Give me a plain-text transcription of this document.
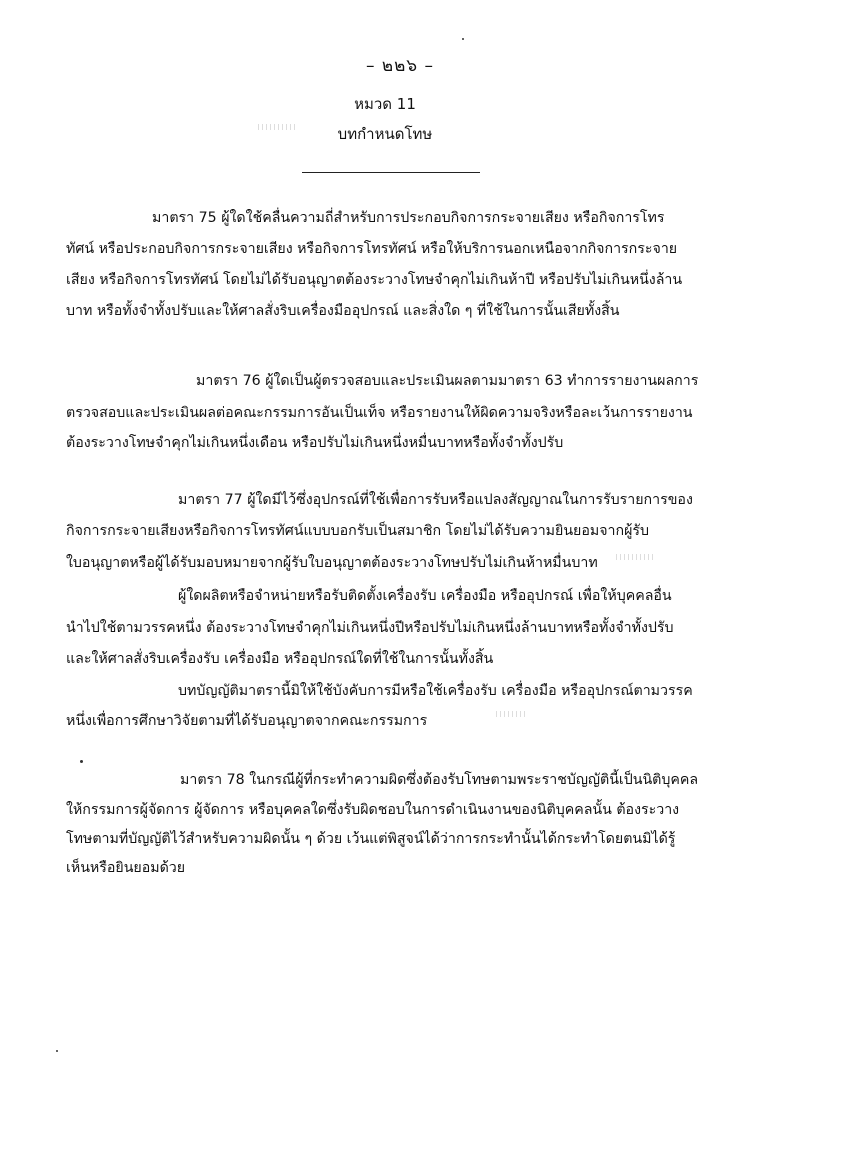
– ๒๒๖ –
หมวด 11
บทกำหนดโทษ
มาตรา 75 ผู้ใดใช้คลื่นความถี่สำหรับการประกอบกิจการกระจายเสียง หรือกิจการโทร
ทัศน์ หรือประกอบกิจการกระจายเสียง หรือกิจการโทรทัศน์ หรือให้บริการนอกเหนือจากกิจการกระจาย
เสียง หรือกิจการโทรทัศน์ โดยไม่ได้รับอนุญาตต้องระวางโทษจำคุกไม่เกินห้าปี หรือปรับไม่เกินหนึ่งล้าน
บาท หรือทั้งจำทั้งปรับและให้ศาลสั่งริบเครื่องมืออุปกรณ์ และสิ่งใด ๆ ที่ใช้ในการนั้นเสียทั้งสิ้น
มาตรา 76 ผู้ใดเป็นผู้ตรวจสอบและประเมินผลตามมาตรา 63 ทำการรายงานผลการ
ตรวจสอบและประเมินผลต่อคณะกรรมการอันเป็นเท็จ หรือรายงานให้ผิดความจริงหรือละเว้นการรายงาน
ต้องระวางโทษจำคุกไม่เกินหนึ่งเดือน หรือปรับไม่เกินหนึ่งหมื่นบาทหรือทั้งจำทั้งปรับ
มาตรา 77 ผู้ใดมีไว้ซึ่งอุปกรณ์ที่ใช้เพื่อการรับหรือแปลงสัญญาณในการรับรายการของ
กิจการกระจายเสียงหรือกิจการโทรทัศน์แบบบอกรับเป็นสมาชิก โดยไม่ได้รับความยินยอมจากผู้รับ
ใบอนุญาตหรือผู้ได้รับมอบหมายจากผู้รับใบอนุญาตต้องระวางโทษปรับไม่เกินห้าหมื่นบาท
ผู้ใดผลิตหรือจำหน่ายหรือรับติดตั้งเครื่องรับ เครื่องมือ หรืออุปกรณ์ เพื่อให้บุคคลอื่น
นำไปใช้ตามวรรคหนึ่ง ต้องระวางโทษจำคุกไม่เกินหนึ่งปีหรือปรับไม่เกินหนึ่งล้านบาทหรือทั้งจำทั้งปรับ
และให้ศาลสั่งริบเครื่องรับ เครื่องมือ หรืออุปกรณ์ใดที่ใช้ในการนั้นทั้งสิ้น
บทบัญญัติมาตรานี้มิให้ใช้บังคับการมีหรือใช้เครื่องรับ เครื่องมือ หรืออุปกรณ์ตามวรรค
หนึ่งเพื่อการศึกษาวิจัยตามที่ได้รับอนุญาตจากคณะกรรมการ
มาตรา 78 ในกรณีผู้ที่กระทำความผิดซึ่งต้องรับโทษตามพระราชบัญญัตินี้เป็นนิติบุคคล
ให้กรรมการผู้จัดการ ผู้จัดการ หรือบุคคลใดซึ่งรับผิดชอบในการดำเนินงานของนิติบุคคลนั้น ต้องระวาง
โทษตามที่บัญญัติไว้สำหรับความผิดนั้น ๆ ด้วย เว้นแต่พิสูจน์ได้ว่าการกระทำนั้นได้กระทำโดยตนมิได้รู้
เห็นหรือยินยอมด้วย
